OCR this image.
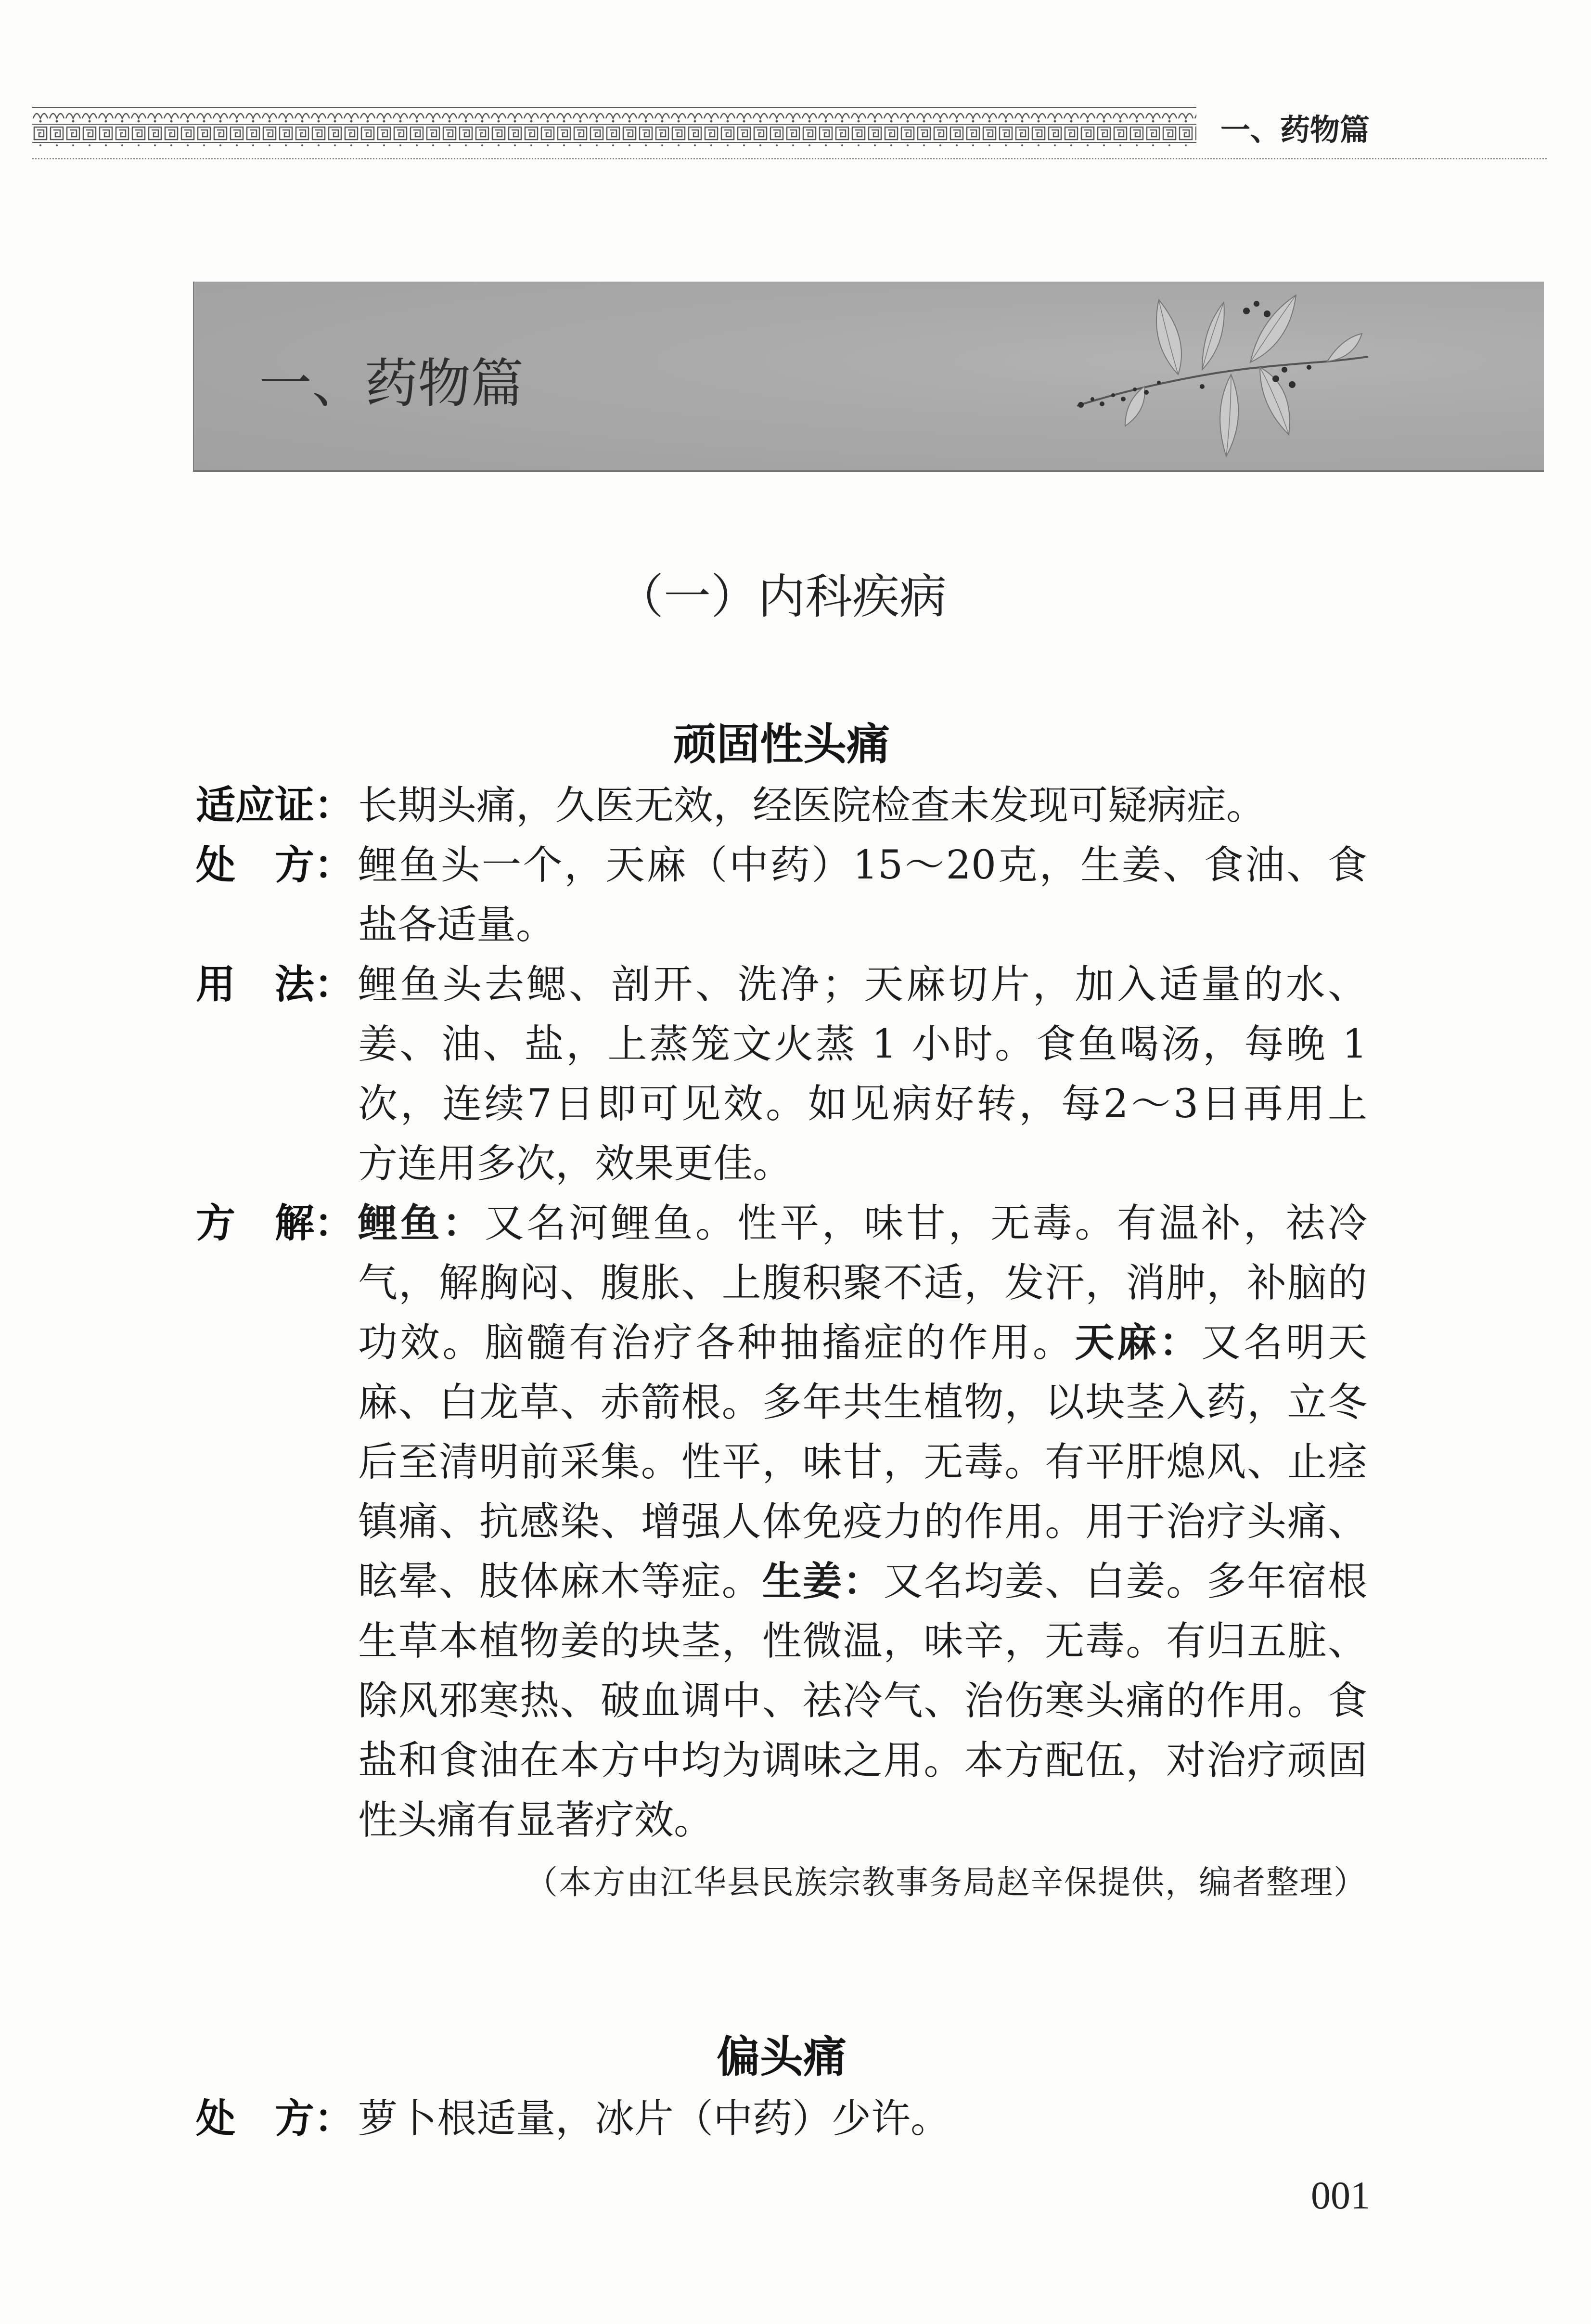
一、药物篇
一、药物篇
（一）内科疾病
顽固性头痛
适应证： 长期头痛，久医无效，经医院检查未发现可疑病症。
处　方： 鲤鱼头一个，天麻（中药）15～20克，生姜、食油、食
盐各适量。
用　法： 鲤鱼头去鳃、剖开、洗净；天麻切片，加入适量的水、
姜、油、盐，上蒸笼文火蒸 1 小时。食鱼喝汤，每晚 1
次，连续7日即可见效。如见病好转，每2～3日再用上
方连用多次，效果更佳。
方　解： 鲤鱼：又名河鲤鱼。性平，味甘，无毒。有温补，祛冷
气，解胸闷、腹胀、上腹积聚不适，发汗，消肿，补脑的
功效。脑髓有治疗各种抽搐症的作用。天麻：又名明天
麻、白龙草、赤箭根。多年共生植物，以块茎入药，立冬
后至清明前采集。性平，味甘，无毒。有平肝熄风、止痉
镇痛、抗感染、增强人体免疫力的作用。用于治疗头痛、
眩晕、肢体麻木等症。生姜：又名均姜、白姜。多年宿根
生草本植物姜的块茎，性微温，味辛，无毒。有归五脏、
除风邪寒热、破血调中、祛冷气、治伤寒头痛的作用。食
盐和食油在本方中均为调味之用。本方配伍，对治疗顽固
性头痛有显著疗效。
（本方由江华县民族宗教事务局赵辛保提供，编者整理）
偏头痛
处　方： 萝卜根适量，冰片（中药）少许。
001
